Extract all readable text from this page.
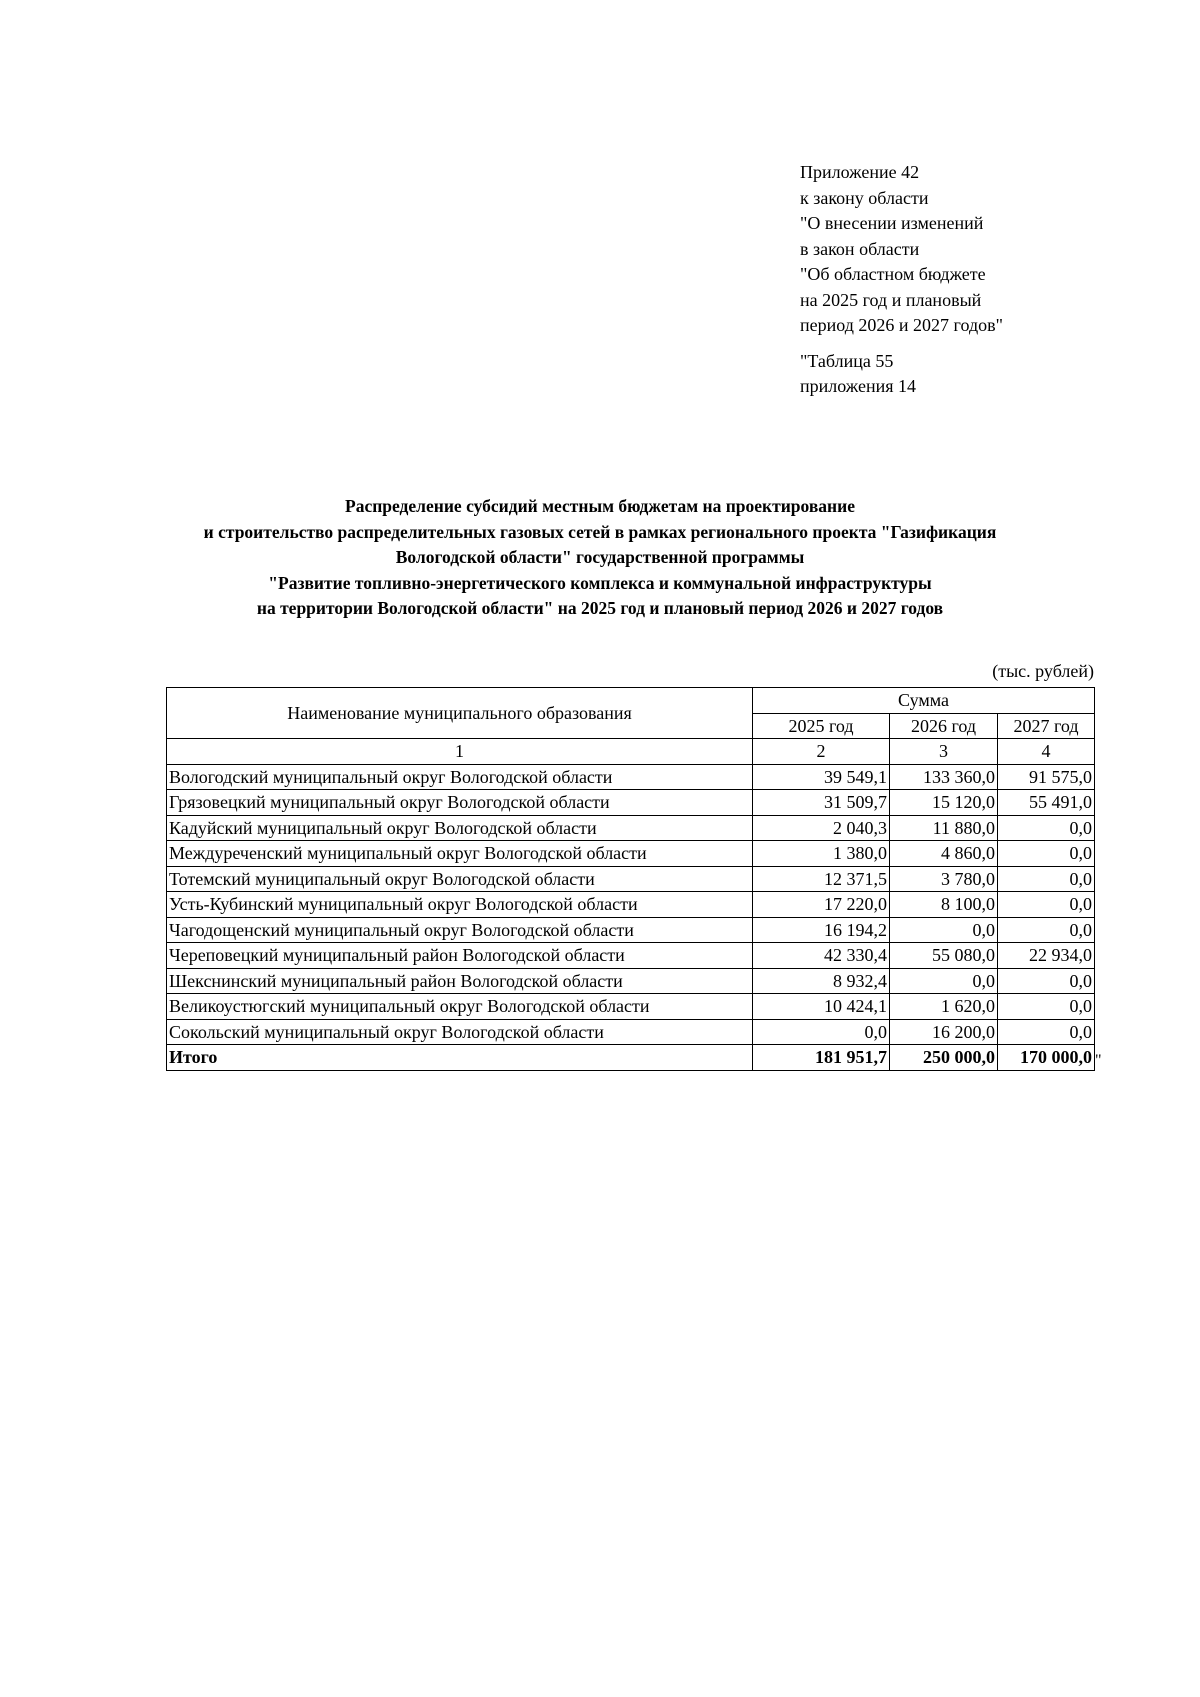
Приложение 42
к закону области
"О внесении изменений
в закон области
"Об областном бюджете
на 2025 год и плановый
период 2026 и 2027 годов"
"Таблица 55
приложения 14
Распределение субсидий местным бюджетам на проектирование
и строительство распределительных газовых сетей в рамках регионального проекта "Газификация
Вологодской области" государственной программы
"Развитие топливно-энергетического комплекса и коммунальной инфраструктуры
на территории Вологодской области" на 2025 год и плановый период 2026 и 2027 годов
(тыс. рублей)
Наименование муниципального образования	Сумма		
	2025 год	2026 год	2027 год
1	2	3	4
Вологодский муниципальный округ Вологодской области	39 549,1	133 360,0	91 575,0
Грязовецкий муниципальный округ Вологодской области	31 509,7	15 120,0	55 491,0
Кадуйский муниципальный округ Вологодской области	2 040,3	11 880,0	0,0
Междуреченский муниципальный округ Вологодской области	1 380,0	4 860,0	0,0
Тотемский муниципальный округ Вологодской области	12 371,5	3 780,0	0,0
Усть-Кубинский муниципальный округ Вологодской области	17 220,0	8 100,0	0,0
Чагодощенский муниципальный округ Вологодской области	16 194,2	0,0	0,0
Череповецкий муниципальный район Вологодской области	42 330,4	55 080,0	22 934,0
Шекснинский муниципальный район Вологодской области	8 932,4	0,0	0,0
Великоустюгский муниципальный округ Вологодской области	10 424,1	1 620,0	0,0
Сокольский муниципальный округ Вологодской области	0,0	16 200,0	0,0
Итого	181 951,7	250 000,0	170 000,0 "
